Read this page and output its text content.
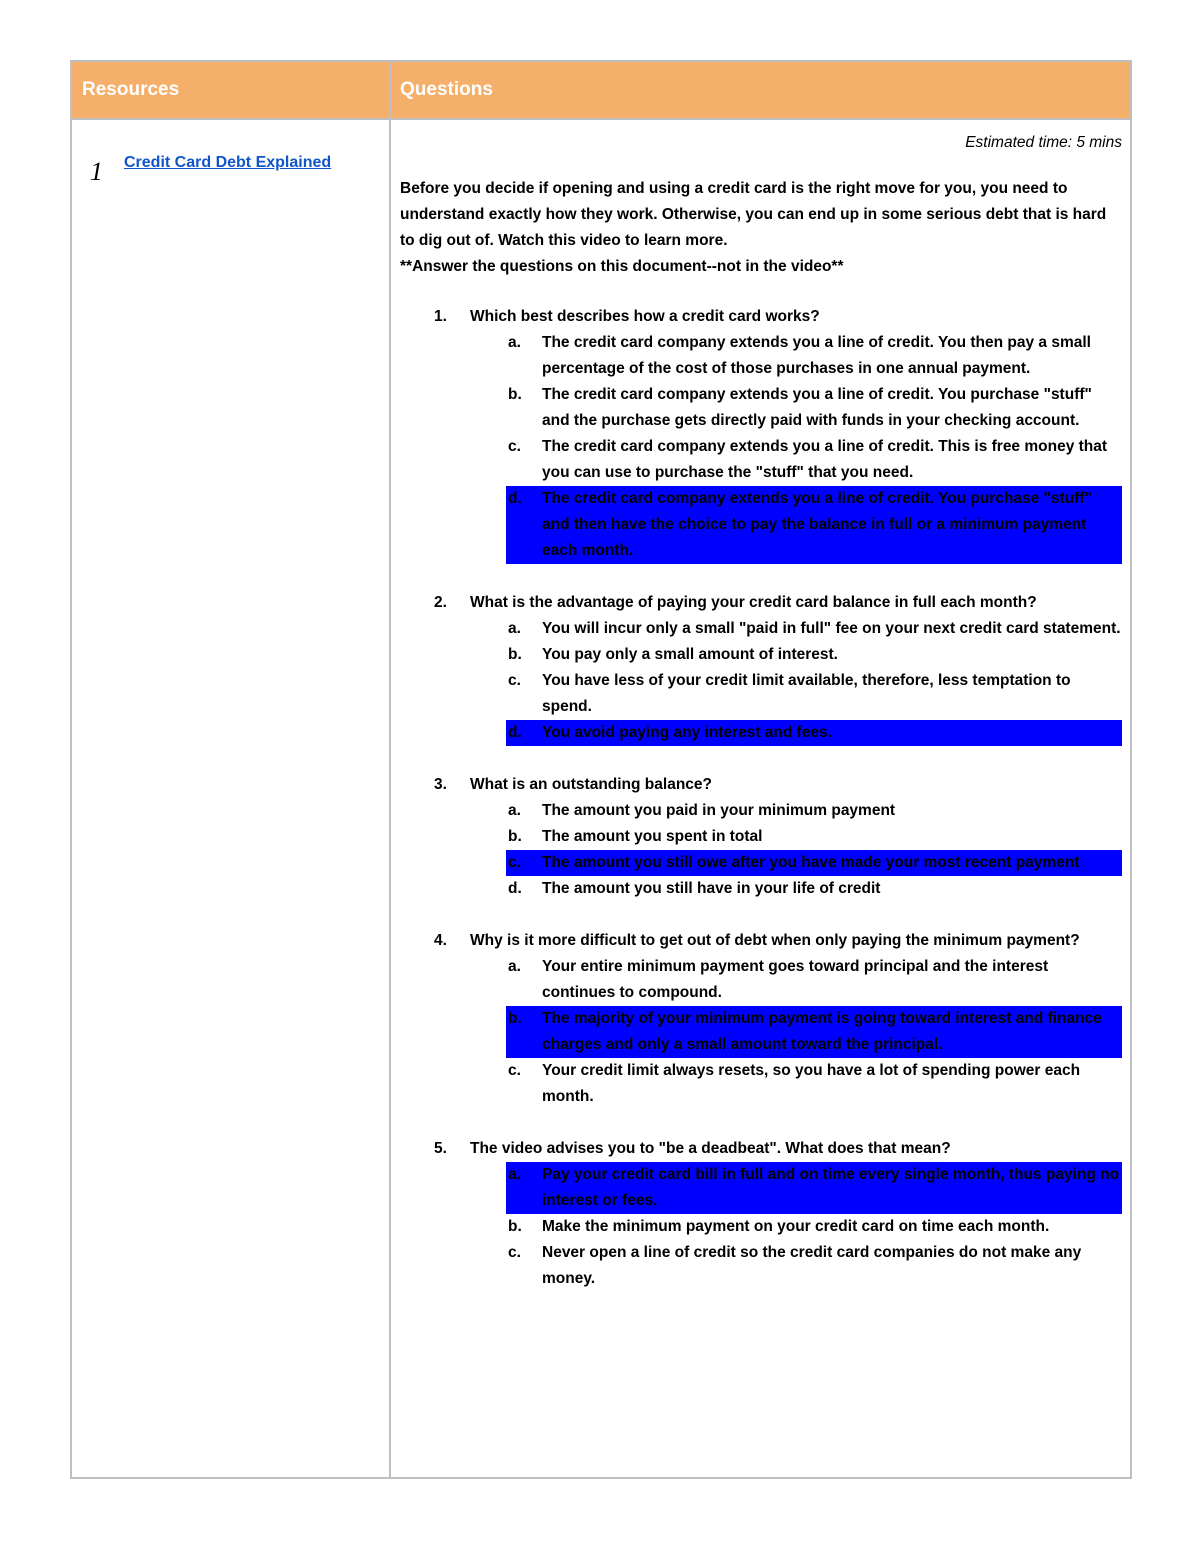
Resources	Questions
1 Credit Card Debt Explained
Estimated time: 5 mins
Before you decide if opening and using a credit card is the right move for you, you need to understand exactly how they work. Otherwise, you can end up in some serious debt that is hard to dig out of. Watch this video to learn more.
**Answer the questions on this document--not in the video**
1. Which best describes how a credit card works?
a. The credit card company extends you a line of credit. You then pay a small percentage of the cost of those purchases in one annual payment.
b. The credit card company extends you a line of credit. You purchase "stuff" and the purchase gets directly paid with funds in your checking account.
c. The credit card company extends you a line of credit. This is free money that you can use to purchase the "stuff" that you need.
d. The credit card company extends you a line of credit. You purchase "stuff" and then have the choice to pay the balance in full or a minimum payment each month.
2. What is the advantage of paying your credit card balance in full each month?
a. You will incur only a small "paid in full" fee on your next credit card statement.
b. You pay only a small amount of interest.
c. You have less of your credit limit available, therefore, less temptation to spend.
d. You avoid paying any interest and fees.
3. What is an outstanding balance?
a. The amount you paid in your minimum payment
b. The amount you spent in total
c. The amount you still owe after you have made your most recent payment
d. The amount you still have in your life of credit
4. Why is it more difficult to get out of debt when only paying the minimum payment?
a. Your entire minimum payment goes toward principal and the interest continues to compound.
b. The majority of your minimum payment is going toward interest and finance charges and only a small amount toward the principal.
c. Your credit limit always resets, so you have a lot of spending power each month.
5. The video advises you to "be a deadbeat". What does that mean?
a. Pay your credit card bill in full and on time every single month, thus paying no interest or fees.
b. Make the minimum payment on your credit card on time each month.
c. Never open a line of credit so the credit card companies do not make any money.
